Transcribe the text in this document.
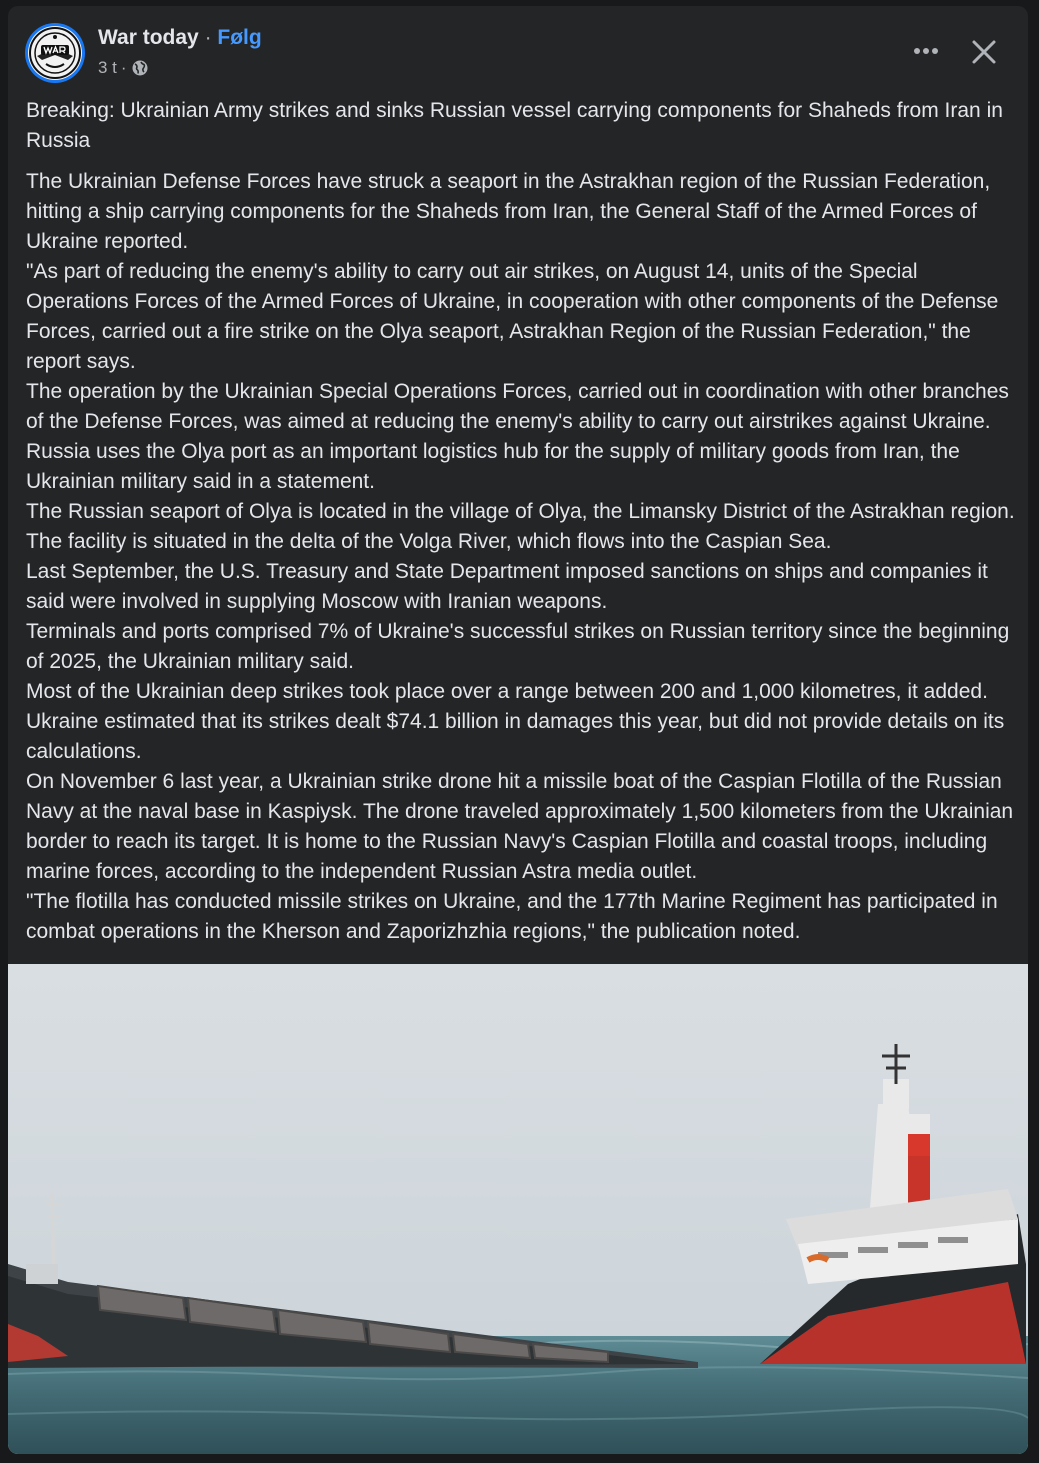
War today · Følg
3 t ·

Breaking: Ukrainian Army strikes and sinks Russian vessel carrying components for Shaheds from Iran in Russia

The Ukrainian Defense Forces have struck a seaport in the Astrakhan region of the Russian Federation, hitting a ship carrying components for the Shaheds from Iran, the General Staff of the Armed Forces of Ukraine reported.

"As part of reducing the enemy's ability to carry out air strikes, on August 14, units of the Special Operations Forces of the Armed Forces of Ukraine, in cooperation with other components of the Defense Forces, carried out a fire strike on the Olya seaport, Astrakhan Region of the Russian Federation," the report says.

The operation by the Ukrainian Special Operations Forces, carried out in coordination with other branches of the Defense Forces, was aimed at reducing the enemy's ability to carry out airstrikes against Ukraine. Russia uses the Olya port as an important logistics hub for the supply of military goods from Iran, the Ukrainian military said in a statement.

The Russian seaport of Olya is located in the village of Olya, the Limansky District of the Astrakhan region. The facility is situated in the delta of the Volga River, which flows into the Caspian Sea.

Last September, the U.S. Treasury and State Department imposed sanctions on ships and companies it said were involved in supplying Moscow with Iranian weapons.

Terminals and ports comprised 7% of Ukraine's successful strikes on Russian territory since the beginning of 2025, the Ukrainian military said.

Most of the Ukrainian deep strikes took place over a range between 200 and 1,000 kilometres, it added. Ukraine estimated that its strikes dealt $74.1 billion in damages this year, but did not provide details on its calculations.

On November 6 last year, a Ukrainian strike drone hit a missile boat of the Caspian Flotilla of the Russian Navy at the naval base in Kaspiysk. The drone traveled approximately 1,500 kilometers from the Ukrainian border to reach its target. It is home to the Russian Navy's Caspian Flotilla and coastal troops, including marine forces, according to the independent Russian Astra media outlet.

"The flotilla has conducted missile strikes on Ukraine, and the 177th Marine Regiment has participated in combat operations in the Kherson and Zaporizhzhia regions," the publication noted.
